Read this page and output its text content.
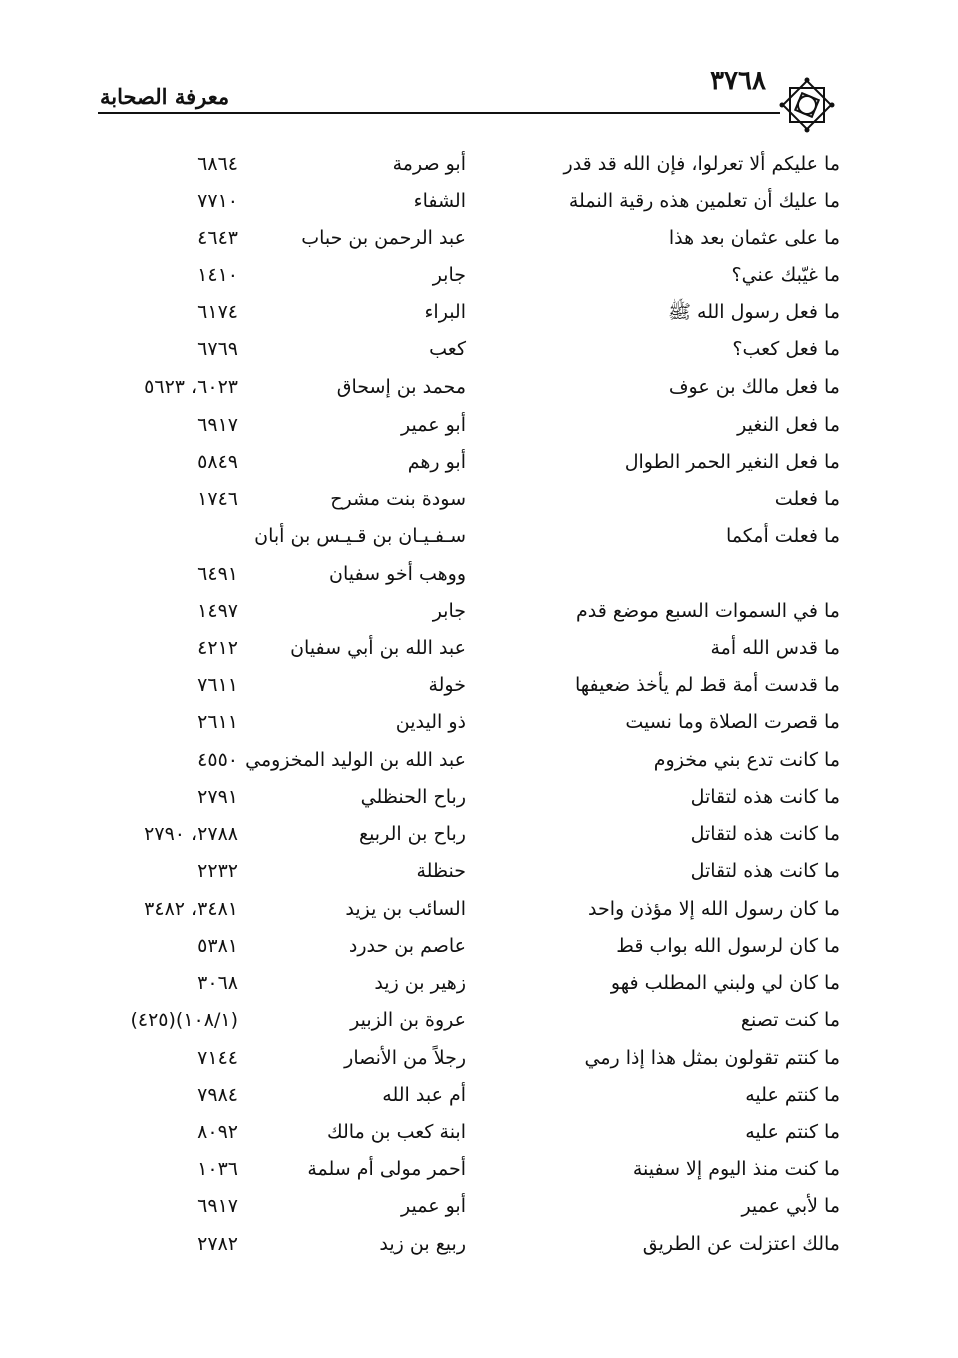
٣٧٦٨
معرفة الصحابة
ما عليكم ألا تعرلوا، فإن الله قد قدر
أبو صرمة
٦٨٦٤
ما عليك أن تعلمين هذه رقية النملة
الشفاء
٧٧١٠
ما على عثمان بعد هذا
عبد الرحمن بن حباب
٤٦٤٣
ما غيّبك عني؟
جابر
١٤١٠
ما فعل رسول الله ﷺ
البراء
٦١٧٤
ما فعل كعب؟
كعب
٦٧٦٩
ما فعل مالك بن عوف
محمد بن إسحاق
٦٠٢٣، ٥٦٢٣
ما فعل النغير
أبو عمير
٦٩١٧
ما فعل النغير الحمر الطوال
أبو رهم
٥٨٤٩
ما فعلت
سودة بنت مشرح
١٧٤٦
ما فعلت أمكما
سـفـيـان بن قـيـس بن أبان
ووهب أخو سفيان
٦٤٩١
ما في السموات السبع موضع قدم
جابر
١٤٩٧
ما قدس الله أمة
عبد الله بن أبي سفيان
٤٢١٢
ما قدست أمة قط لم يأخذ ضعيفها
خولة
٧٦١١
ما قصرت الصلاة وما نسيت
ذو اليدين
٢٦١١
ما كانت تدع بني مخزوم
عبد الله بن الوليد المخزومي
٤٥٥٠
ما كانت هذه لتقاتل
رباح الحنظلي
٢٧٩١
ما كانت هذه لتقاتل
رباح بن الربيع
٢٧٨٨، ٢٧٩٠
ما كانت هذه لتقاتل
حنظلة
٢٢٣٢
ما كان رسول الله إلا مؤذن واحد
السائب بن يزيد
٣٤٨١، ٣٤٨٢
ما كان لرسول الله بواب قط
عاصم بن حدرد
٥٣٨١
ما كان لي ولبني المطلب فهو
زهير بن زيد
٣٠٦٨
ما كنت تصنع
عروة بن الزبير
(١٠٨/١)(٤٢٥)
ما كنتم تقولون بمثل هذا إذا رمي
رجلاً من الأنصار
٧١٤٤
ما كنتم عليه
أم عبد الله
٧٩٨٤
ما كنتم عليه
ابنة كعب بن مالك
٨٠٩٢
ما كنت منذ اليوم إلا سفينة
أحمر مولى أم سلمة
١٠٣٦
ما لأبي عمير
أبو عمير
٦٩١٧
مالك اعتزلت عن الطريق
ربيع بن زيد
٢٧٨٢
